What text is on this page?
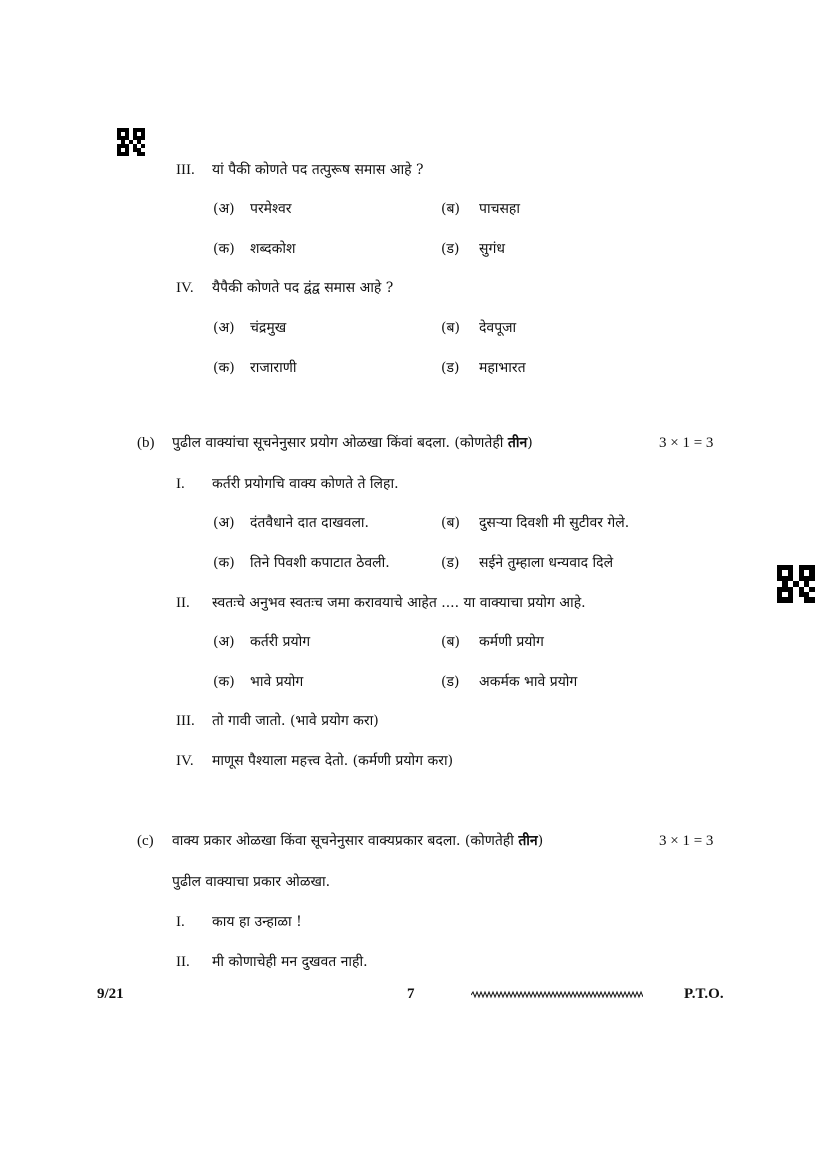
III. यां पैकी कोणते पद तत्पुरूष समास आहे ?
(अ) परमेश्वर	(ब) पाचसहा
(क) शब्दकोश	(ड) सुगंध
IV. यैपैकी कोणते पद द्वंद्व समास आहे ?
(अ) चंद्रमुख	(ब) देवपूजा
(क) राजाराणी	(ड) महाभारत
पुढील वाक्यांचा सूचनेनुसार प्रयोग ओळखा किंवां बदला. (कोणतेही तीन)
(b)	3 × 1 = 3
I. कर्तरी प्रयोगचि वाक्य कोणते ते लिहा.
(अ) दंतवैधाने दात दाखवला.	(ब) दुसऱ्या दिवशी मी सुटीवर गेले.
(क) तिने पिवशी कपाटात ठेवली.	(ड) सईने तुम्हाला धन्यवाद दिले
II. स्वतःचे अनुभव स्वतःच जमा करावयाचे आहेत .... या वाक्याचा प्रयोग आहे.
(अ) कर्तरी प्रयोग	(ब) कर्मणी प्रयोग
(क) भावे प्रयोग	(ड) अकर्मक भावे प्रयोग
III. तो गावी जातो. (भावे प्रयोग करा)
IV. माणूस पैश्याला महत्त्व देतो. (कर्मणी प्रयोग करा)
वाक्य प्रकार ओळखा किंवा सूचनेनुसार वाक्यप्रकार बदला. (कोणतेही तीन)
(c)	3 × 1 = 3
पुढील वाक्याचा प्रकार ओळखा.
I. काय हा उन्हाळा !
II. मी कोणाचेही मन दुखवत नाही.
9/21	7	P.T.O.
